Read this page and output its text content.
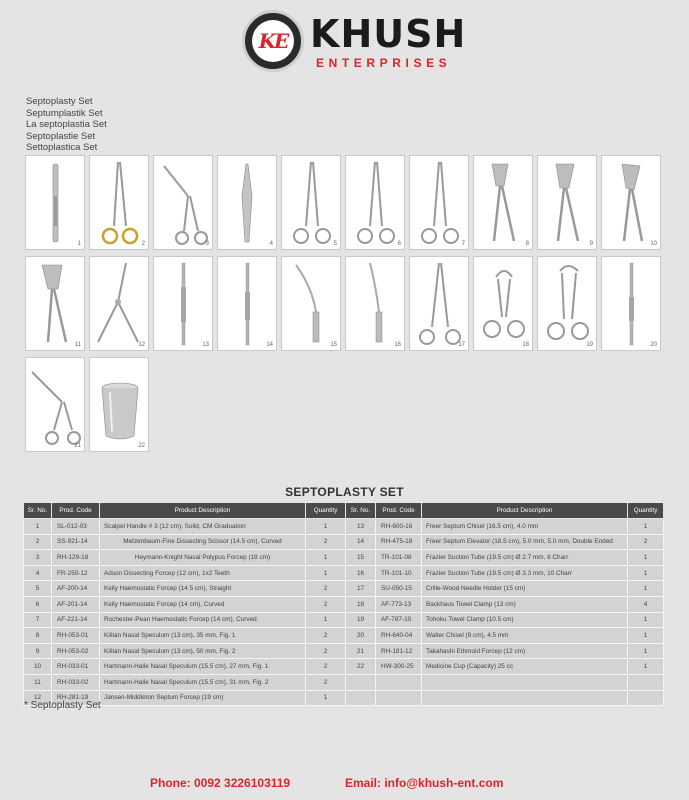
KE KHUSH
ENTERPRISES
Septoplasty Set
Septumplastik Set
La septoplastia Set
Septoplastie Set
Settoplastica Set
1	2	3	4	5	6	7	8	9	10
11	12	13	14	15	16	17	18	19	20
21	22
SEPTOPLASTY SET
Sr. No.	Prod. Code	Product Description	Quantity	Sr. No.	Prod. Code	Product Description	Quantity
1	SL-012-03	Scalpel Handle # 3 (12 cm), Solid, CM Graduation	1	13	RH-600-16	Freer Septum Chisel (16.5 cm), 4.0 mm	1
2	SS-921-14	Metzenbaum-Fine Dissecting Scissor (14.5 cm), Curved	2	14	RH-475-18	Freer Septum Elevator (18.5 cm), 5.0 mm, 5.0 mm, Double Ended	2
3	RH-129-18	Heymann-Knight Nasal Polypus Forcep (18 cm)	1	15	TR-101-08	Frazier Suction Tube (19.5 cm) Ø 2.7 mm, 8 Charr	1
4	FR-250-12	Adson Dissecting Forcep (12 cm), 1x2 Teeth	1	16	TR-101-10	Frazier Suction Tube (19.5 cm) Ø 3.3 mm, 10 Charr	1
5	AF-200-14	Kelly Haemostatic Forcep (14.5 cm), Straight	2	17	SU-050-15	Crille-Wood Needle Holder (15 cm)	1
6	AF-201-14	Kelly Haemostatic Forcep (14 cm), Curved	2	18	AF-773-13	Backhaus Towel Clamp (13 cm)	4
7	AF-221-14	Rochester-Pean Haemostatic Forcep (14 cm), Curved	1	19	AF-787-10	Tohoku Towel Clamp (10.5 cm)	1
8	RH-053-01	Killian Nasal Speculum (13 cm), 35 mm, Fig. 1	2	20	RH-640-04	Walter Chisel (9 cm), 4.5 mm	1
9	RH-053-02	Killian Nasal Speculum (13 cm), 50 mm, Fig. 2	2	21	RH-181-12	Takahashi Ethmoid Forcep (12 cm)	1
10	RH-033-01	Hartmann-Halle Nasal Speculum (15.5 cm), 27 mm, Fig. 1	2	22	HW-300-25	Medicine Cup (Capacity) 25 cc	1
11	RH-033-02	Hartmann-Halle Nasal Speculum (15.5 cm), 31 mm, Fig. 2	2				
12	RH-281-19	Jansen-Middleton Septum Forcep (19 cm)	1				
* Septoplasty Set
Phone: 0092 3226103119	Email: info@khush-ent.com
